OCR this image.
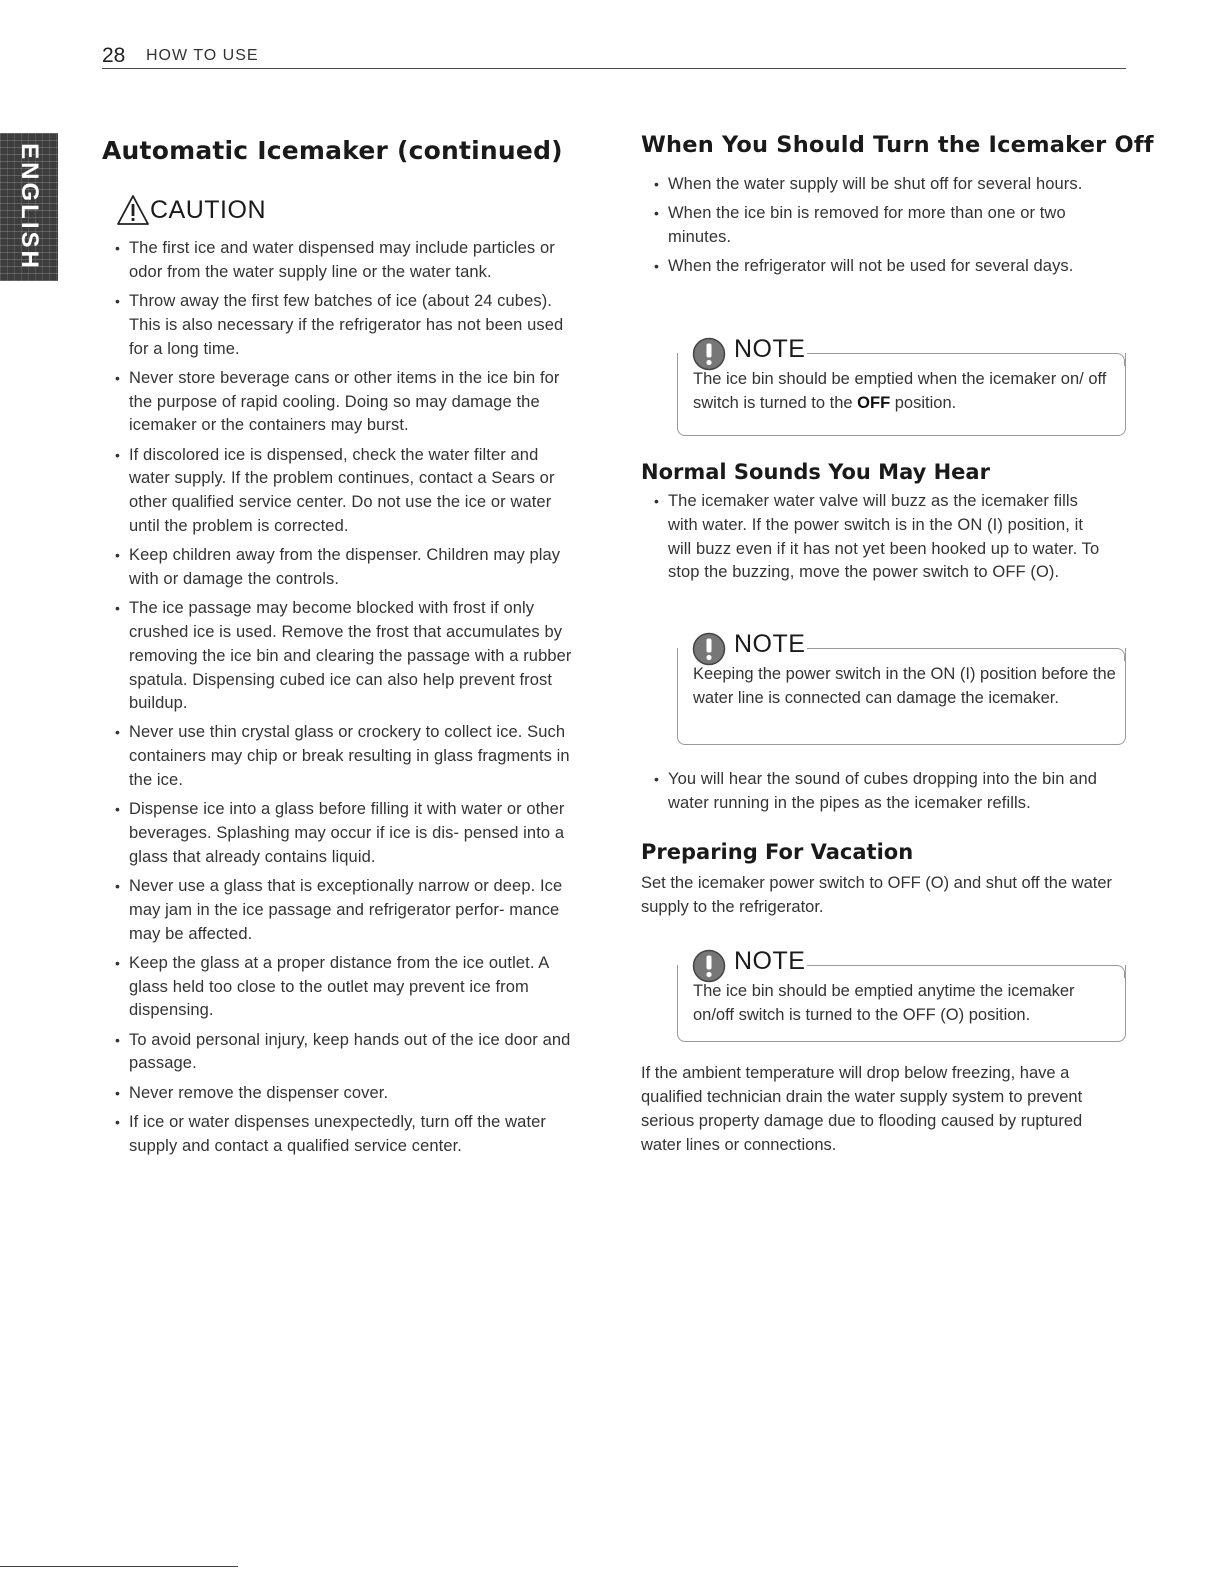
28 HOW TO USE
ENGLISH Automatic Icemaker (continued)
CAUTION
• The first ice and water dispensed may include particles or odor from the water supply line or the water tank.
• Throw away the first few batches of ice (about 24 cubes). This is also necessary if the refrigerator has not been used for a long time.
• Never store beverage cans or other items in the ice bin for the purpose of rapid cooling. Doing so may damage the icemaker or the containers may burst.
• If discolored ice is dispensed, check the water filter and water supply. If the problem continues, contact a Sears or other qualified service center. Do not use the ice or water until the problem is corrected.
• Keep children away from the dispenser. Children may play with or damage the controls.
• The ice passage may become blocked with frost if only crushed ice is used. Remove the frost that accumulates by removing the ice bin and clearing the passage with a rubber spatula. Dispensing cubed ice can also help prevent frost buildup.
• Never use thin crystal glass or crockery to collect ice. Such containers may chip or break resulting in glass fragments in the ice.
• Dispense ice into a glass before filling it with water or other beverages. Splashing may occur if ice is dis- pensed into a glass that already contains liquid.
• Never use a glass that is exceptionally narrow or deep. Ice may jam in the ice passage and refrigerator perfor- mance may be affected.
• Keep the glass at a proper distance from the ice outlet. A glass held too close to the outlet may prevent ice from dispensing.
• To avoid personal injury, keep hands out of the ice door and passage.
• Never remove the dispenser cover.
• If ice or water dispenses unexpectedly, turn off the water supply and contact a qualified service center.
When You Should Turn the Icemaker Off
• When the water supply will be shut off for several hours.
• When the ice bin is removed for more than one or two minutes.
• When the refrigerator will not be used for several days.
NOTE
The ice bin should be emptied when the icemaker on/ off switch is turned to the OFF position.
Normal Sounds You May Hear
• The icemaker water valve will buzz as the icemaker fills with water. If the power switch is in the ON (I) position, it will buzz even if it has not yet been hooked up to water. To stop the buzzing, move the power switch to OFF (O).
NOTE
Keeping the power switch in the ON (I) position before the water line is connected can damage the icemaker.
• You will hear the sound of cubes dropping into the bin and water running in the pipes as the icemaker refills.
Preparing For Vacation

Set the icemaker power switch to OFF (O) and shut off the water supply to the refrigerator.

NOTE
The ice bin should be emptied anytime the icemaker on/off switch is turned to the OFF (O) position.

If the ambient temperature will drop below freezing, have a qualified technician drain the water supply system to prevent serious property damage due to flooding caused by ruptured water lines or connections.
